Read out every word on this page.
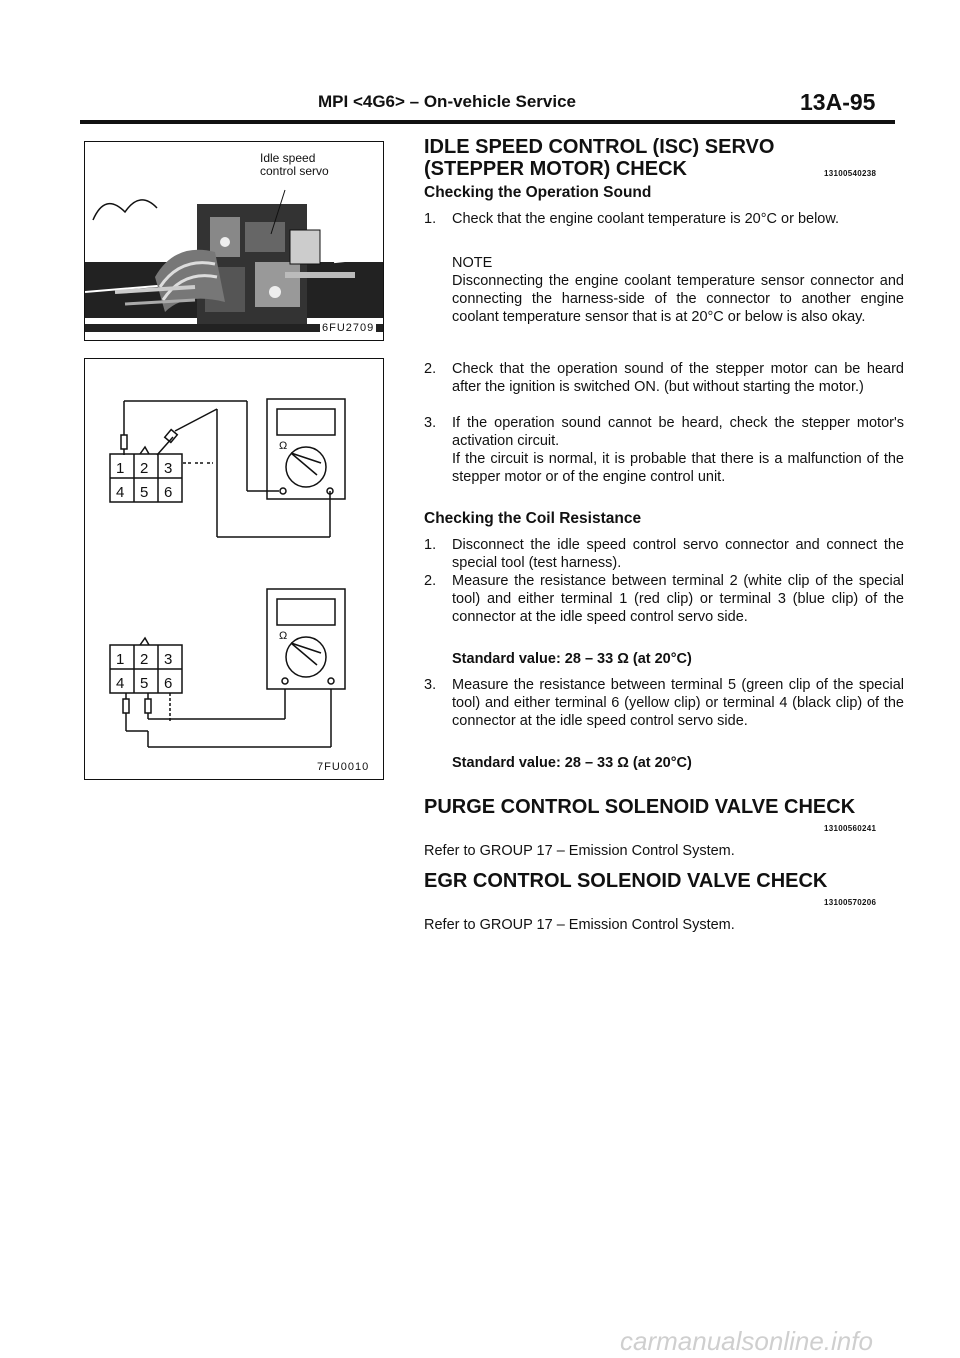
MPI <4G6> – On-vehicle Service	13A-95
Idle speed
control servo
6FU2709
1 2 3
4 5 6
1 2 3
4 5 6
Ω
Ω
7FU0010
IDLE SPEED CONTROL (ISC) SERVO
(STEPPER MOTOR) CHECK	13100540238
Checking the Operation Sound
1.	Check that the engine coolant temperature is 20°C or below.
NOTE
Disconnecting the engine coolant temperature sensor connector and connecting the harness-side of the connector to another engine coolant temperature sensor that is at 20°C or below is also okay.
2.	Check that the operation sound of the stepper motor can be heard after the ignition is switched ON. (but without starting the motor.)
3.	If the operation sound cannot be heard, check the stepper motor's activation circuit.
If the circuit is normal, it is probable that there is a malfunction of the stepper motor or of the engine control unit.
Checking the Coil Resistance
1.	Disconnect the idle speed control servo connector and connect the special tool (test harness).
2.	Measure the resistance between terminal 2 (white clip of the special tool) and either terminal 1 (red clip) or terminal 3 (blue clip) of the connector at the idle speed control servo side.
Standard value: 28 – 33 Ω (at 20°C)
3.	Measure the resistance between terminal 5 (green clip of the special tool) and either terminal 6 (yellow clip) or terminal 4 (black clip) of the connector at the idle speed control servo side.
Standard value: 28 – 33 Ω (at 20°C)
PURGE CONTROL SOLENOID VALVE CHECK
13100560241
Refer to GROUP 17 – Emission Control System.
EGR CONTROL SOLENOID VALVE CHECK
13100570206
Refer to GROUP 17 – Emission Control System.
carmanualsonline.info
